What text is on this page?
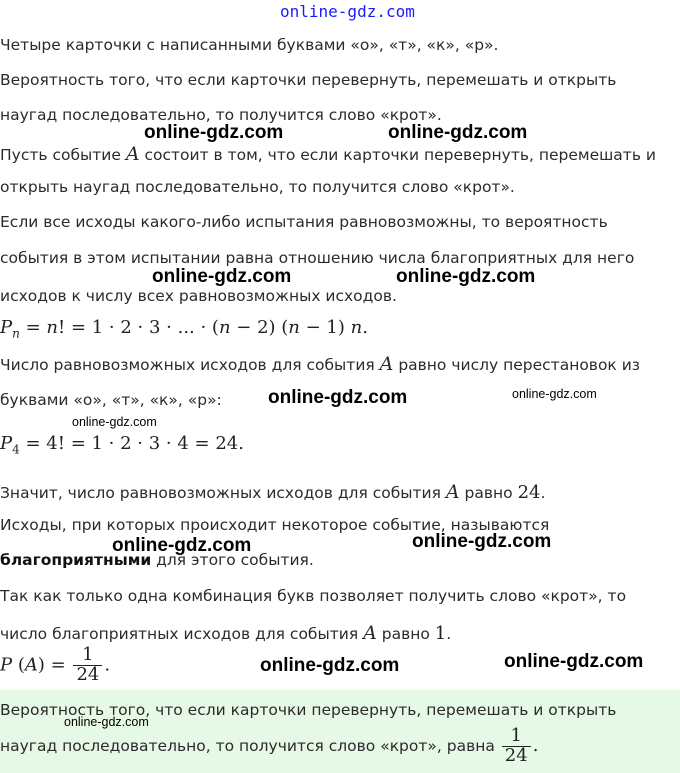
online-gdz.com
online-gdz.com	online-gdz.com
online-gdz.com	online-gdz.com
online-gdz.com	online-gdz.com
online-gdz.com
online-gdz.com	online-gdz.com
online-gdz.com	online-gdz.com
Четыре карточки с написанными буквами «о», «т», «к», «р».
Вероятность того, что если карточки перевернуть, перемешать и открыть
наугад последовательно, то получится слово «крот».
Пусть событие A состоит в том, что если карточки перевернуть, перемешать и
открыть наугад последовательно, то получится слово «крот».
Если все исходы какого-либо испытания равновозможны, то вероятность
события в этом испытании равна отношению числа благоприятных для него
исходов к числу всех равновозможных исходов.
$P_n = n$! = 1 · 2 · 3 · ... · (n − 2) (n − 1) n.
Число равновозможных исходов для события A равно числу перестановок из
буквами «о», «т», «к», «р»:
$P_4 = 4$! = 1 · 2 · 3 · 4 = 24.
Значит, число равновозможных исходов для события A равно 24.
Исходы, при которых происходит некоторое событие, называются
благоприятными для этого события.
Так как только одна комбинация букв позволяет получить слово «крот», то
число благоприятных исходов для события A равно 1.
P $(A) = \frac{1}{24}$ .
Вероятность того, что если карточки перевернуть, перемешать и открыть
online-gdz.com
наугад последовательно, то получится слово «крот», равна $\frac{1}{24}$ .
